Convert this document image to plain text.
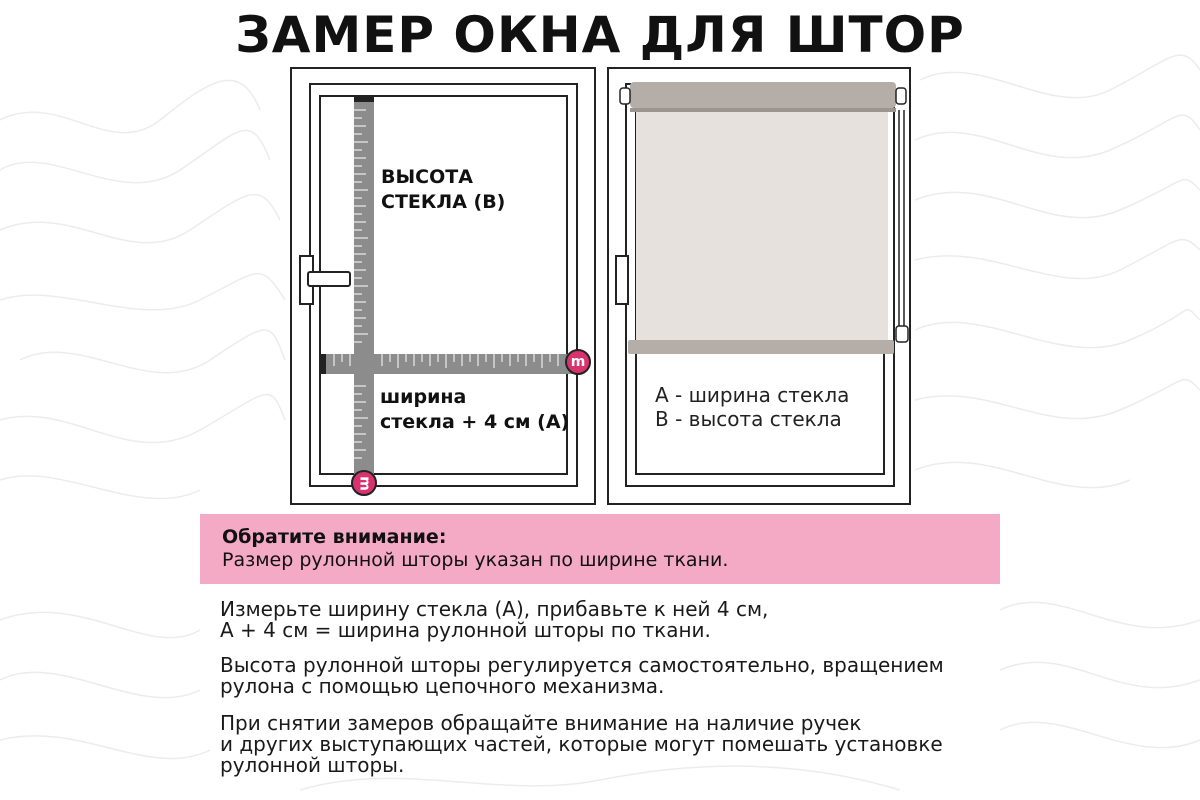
ЗАМЕР ОКНА ДЛЯ ШТОР
m
m
ВЫСОТА
СТЕКЛА (В)
ширина
стекла + 4 см (А)
А - ширина стекла
В - высота стекла
Обратите внимание:
Размер рулонной шторы указан по ширине ткани.
Измерьте ширину стекла (А), прибавьте к ней 4 см,
А + 4 см = ширина рулонной шторы по ткани.
Высота рулонной шторы регулируется самостоятельно, вращением
рулона с помощью цепочного механизма.
При снятии замеров обращайте внимание на наличие ручек
и других выступающих частей, которые могут помешать установке
рулонной шторы.
